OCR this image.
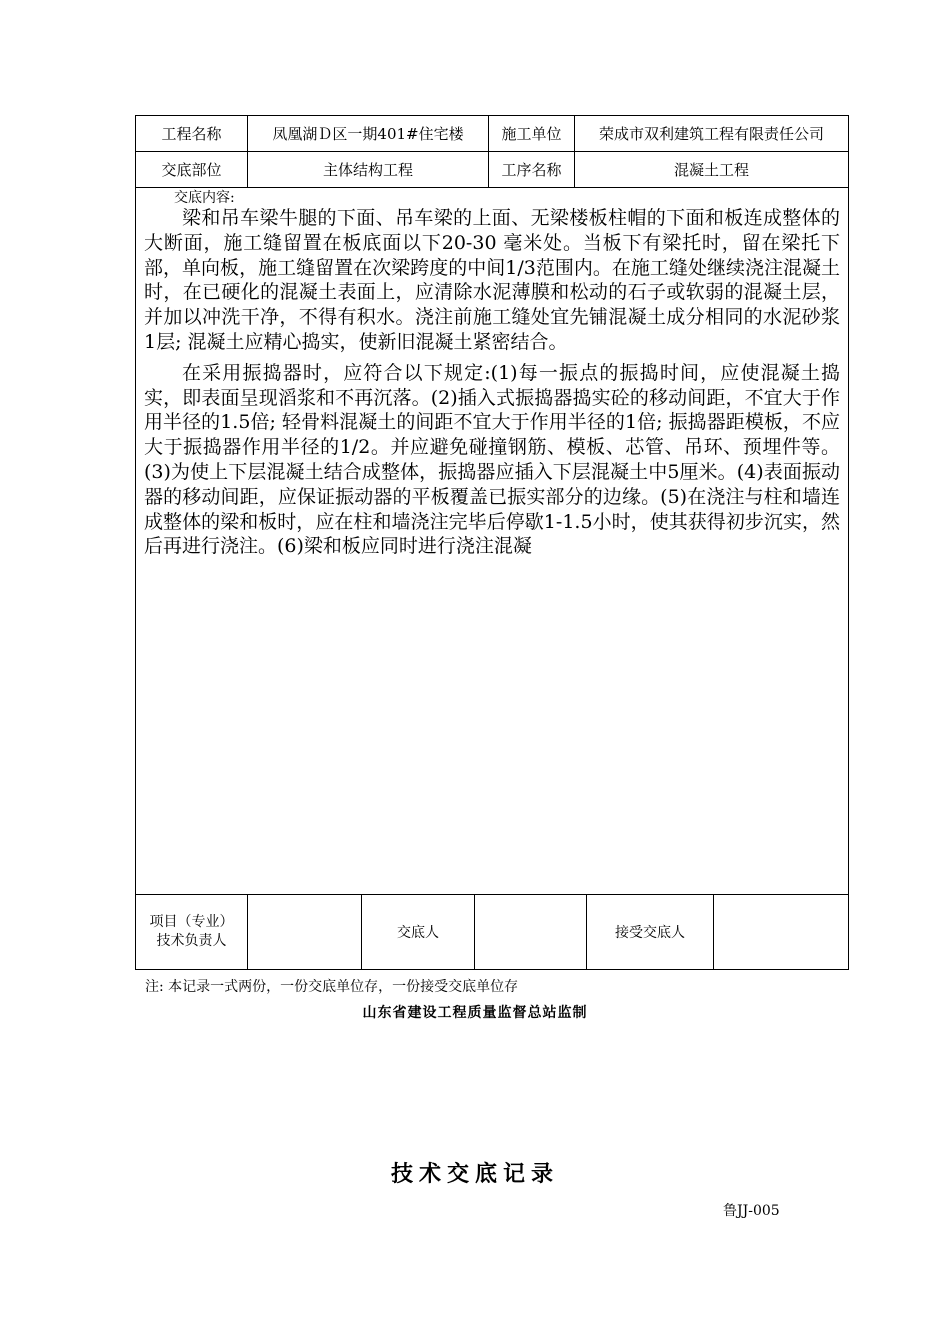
工程名称	凤凰湖Ｄ区一期401#住宅楼			施工单位	荣成市双利建筑工程有限责任公司		
交底部位	主体结构工程			工序名称	混凝土工程		

交底内容:

梁和吊车梁牛腿的下面、吊车梁的上面、无梁楼板柱帽的下面和板连成整体的大断面，施工缝留置在板底面以下20-30 毫米处。当板下有梁托时，留在梁托下部，单向板，施工缝留置在次梁跨度的中间1/3范围内。在施工缝处继续浇注混凝土时，在已硬化的混凝土表面上，应清除水泥薄膜和松动的石子或软弱的混凝土层，并加以冲洗干净，不得有积水。浇注前施工缝处宜先铺混凝土成分相同的水泥砂浆1层; 混凝土应精心捣实，使新旧混凝土紧密结合。

在采用振捣器时，应符合以下规定:(1)每一振点的振捣时间，应使混凝土捣实，即表面呈现滔浆和不再沉落。(2)插入式振捣器捣实砼的移动间距，不宜大于作用半径的1.5倍; 轻骨料混凝土的间距不宜大于作用半径的1倍; 振捣器距模板，不应大于振捣器作用半径的1/2。并应避免碰撞钢筋、模板、芯管、吊环、预埋件等。(3)为使上下层混凝土结合成整体，振捣器应插入下层混凝土中5厘米。(4)表面振动器的移动间距，应保证振动器的平板覆盖已振实部分的边缘。(5)在浇注与柱和墙连成整体的梁和板时，应在柱和墙浇注完毕后停歇1-1.5小时，使其获得初步沉实，然后再进行浇注。(6)梁和板应同时进行浇注混凝							

项目（专业）
技术负责人		交底人				接受交底人	
注: 本记录一式两份，一份交底单位存，一份接受交底单位存
山东省建设工程质量监督总站监制
技术交底记录
鲁JJ-005
